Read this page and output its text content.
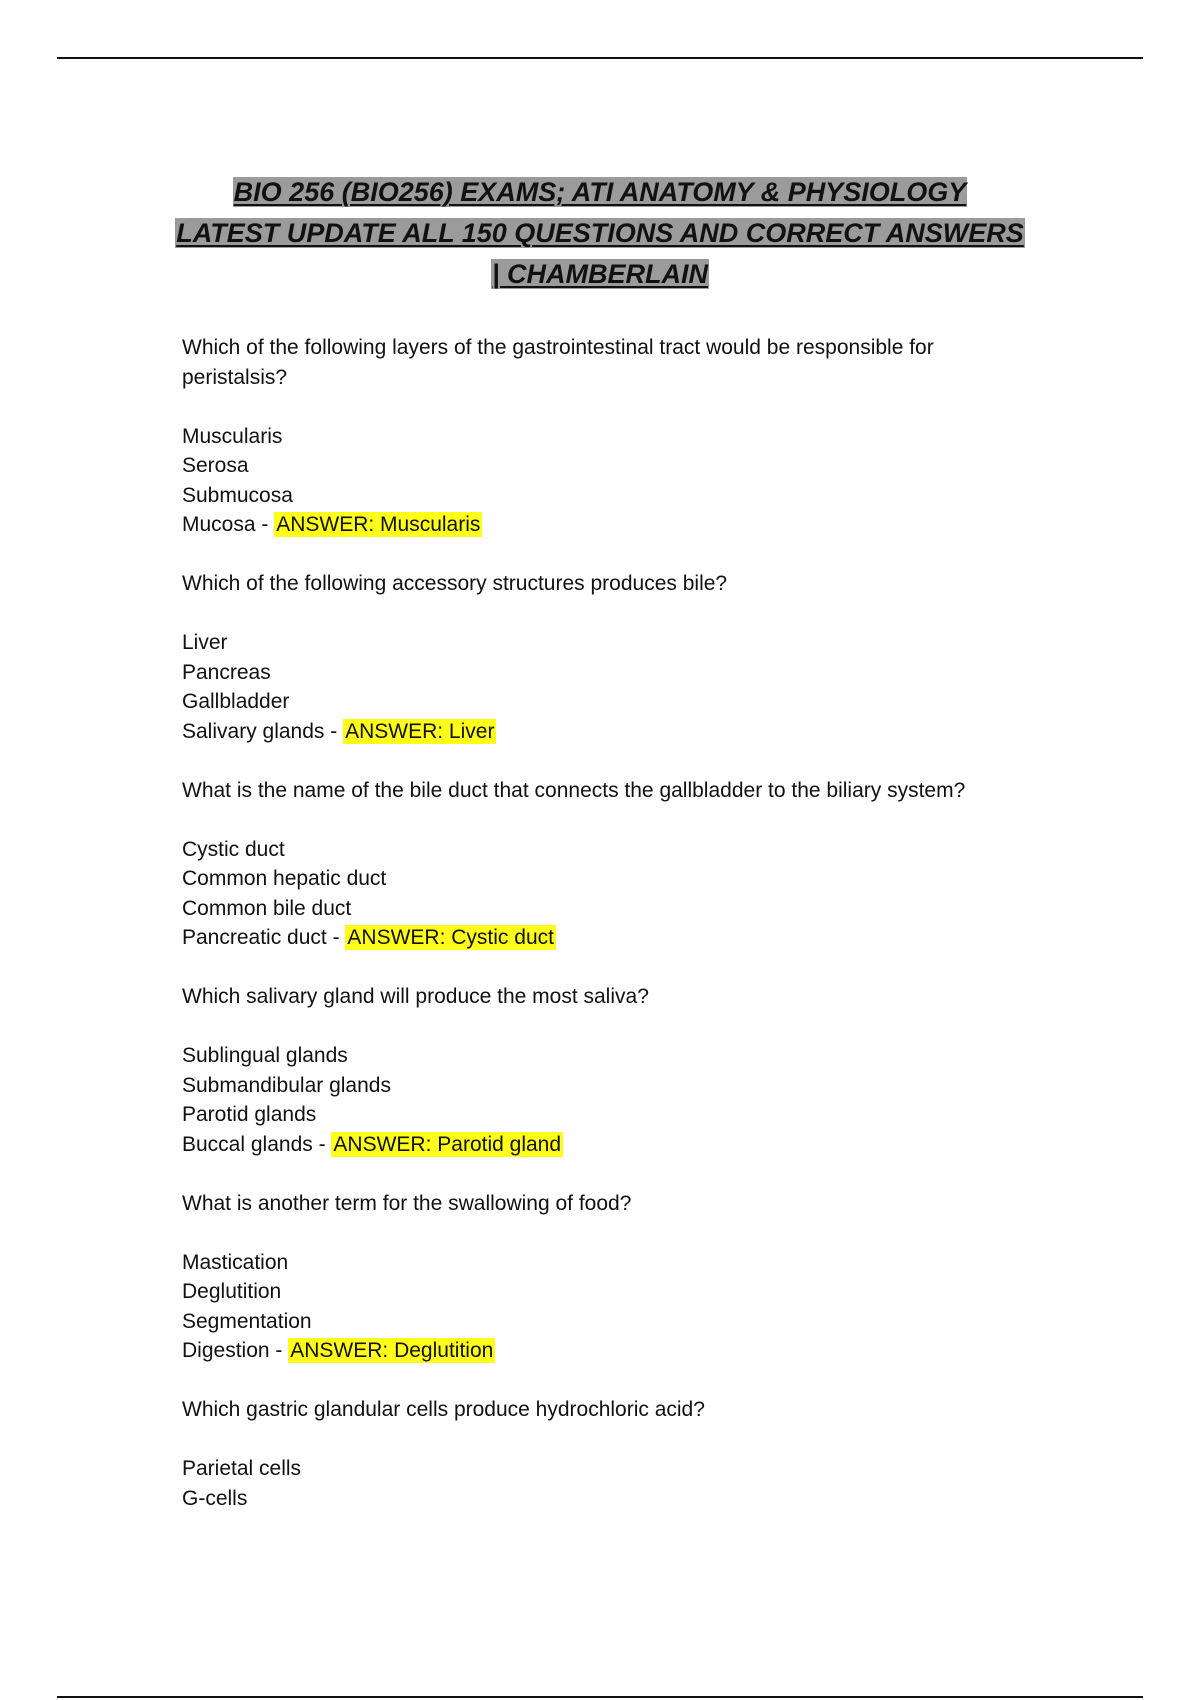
BIO 256 (BIO256) EXAMS; ATI ANATOMY & PHYSIOLOGY
LATEST UPDATE ALL 150 QUESTIONS AND CORRECT ANSWERS
| CHAMBERLAIN
Which of the following layers of the gastrointestinal tract would be responsible for peristalsis?
Muscularis
Serosa
Submucosa
Mucosa - ANSWER: Muscularis
Which of the following accessory structures produces bile?
Liver
Pancreas
Gallbladder
Salivary glands - ANSWER: Liver
What is the name of the bile duct that connects the gallbladder to the biliary system?
Cystic duct
Common hepatic duct
Common bile duct
Pancreatic duct - ANSWER: Cystic duct
Which salivary gland will produce the most saliva?
Sublingual glands
Submandibular glands
Parotid glands
Buccal glands - ANSWER: Parotid gland
What is another term for the swallowing of food?
Mastication
Deglutition
Segmentation
Digestion - ANSWER: Deglutition
Which gastric glandular cells produce hydrochloric acid?
Parietal cells
G-cells
